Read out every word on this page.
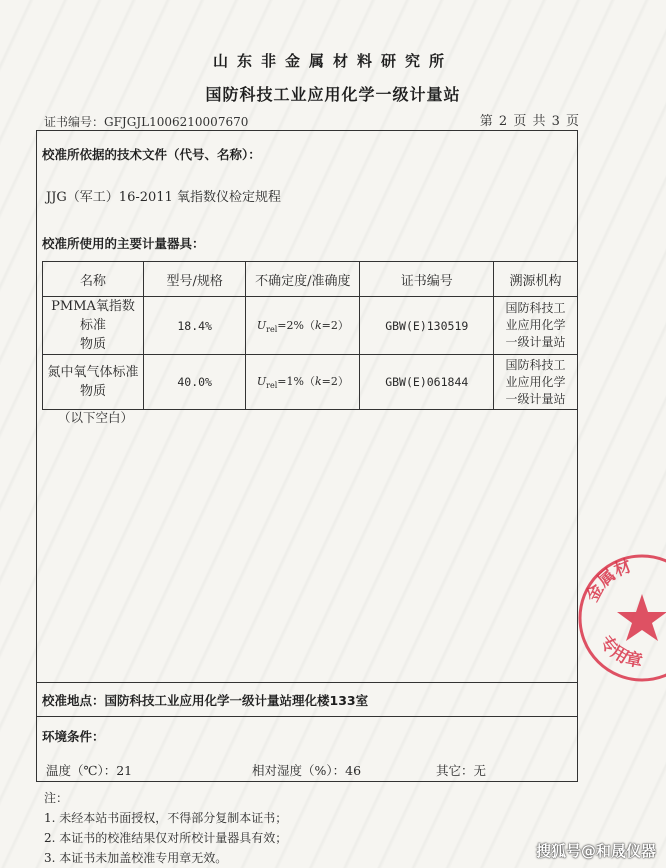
山东非金属材料研究所
国防科技工业应用化学一级计量站
证书编号：GFJGJL1006210007670	第 2 页 共 3 页
校准所依据的技术文件（代号、名称）：
JJG（军工）16-2011 氧指数仪检定规程
校准所使用的主要计量器具：
名称	型号/规格	不确定度/准确度	证书编号	溯源机构
PMMA氧指数标准
物质	18.4%	$U_{rel}=2\%(k=2)$	GBW(E)130519	国防科技工
业应用化学
一级计量站
氮中氧气体标准
物质	40.0%	$U_{rel}=1\%(k=2)$	GBW(E)061844	国防科技工
业应用化学
一级计量站
（以下空白）
校准地点：国防科技工业应用化学一级计量站理化楼133室
环境条件：
温度（℃）：21	相对湿度（%）：46	其它：无
注：
1. 未经本站书面授权，不得部分复制本证书；
2. 本证书的校准结果仅对所校计量器具有效；
3. 本证书未加盖校准专用章无效。
金属材
专用章
搜狐号@和晟仪器
